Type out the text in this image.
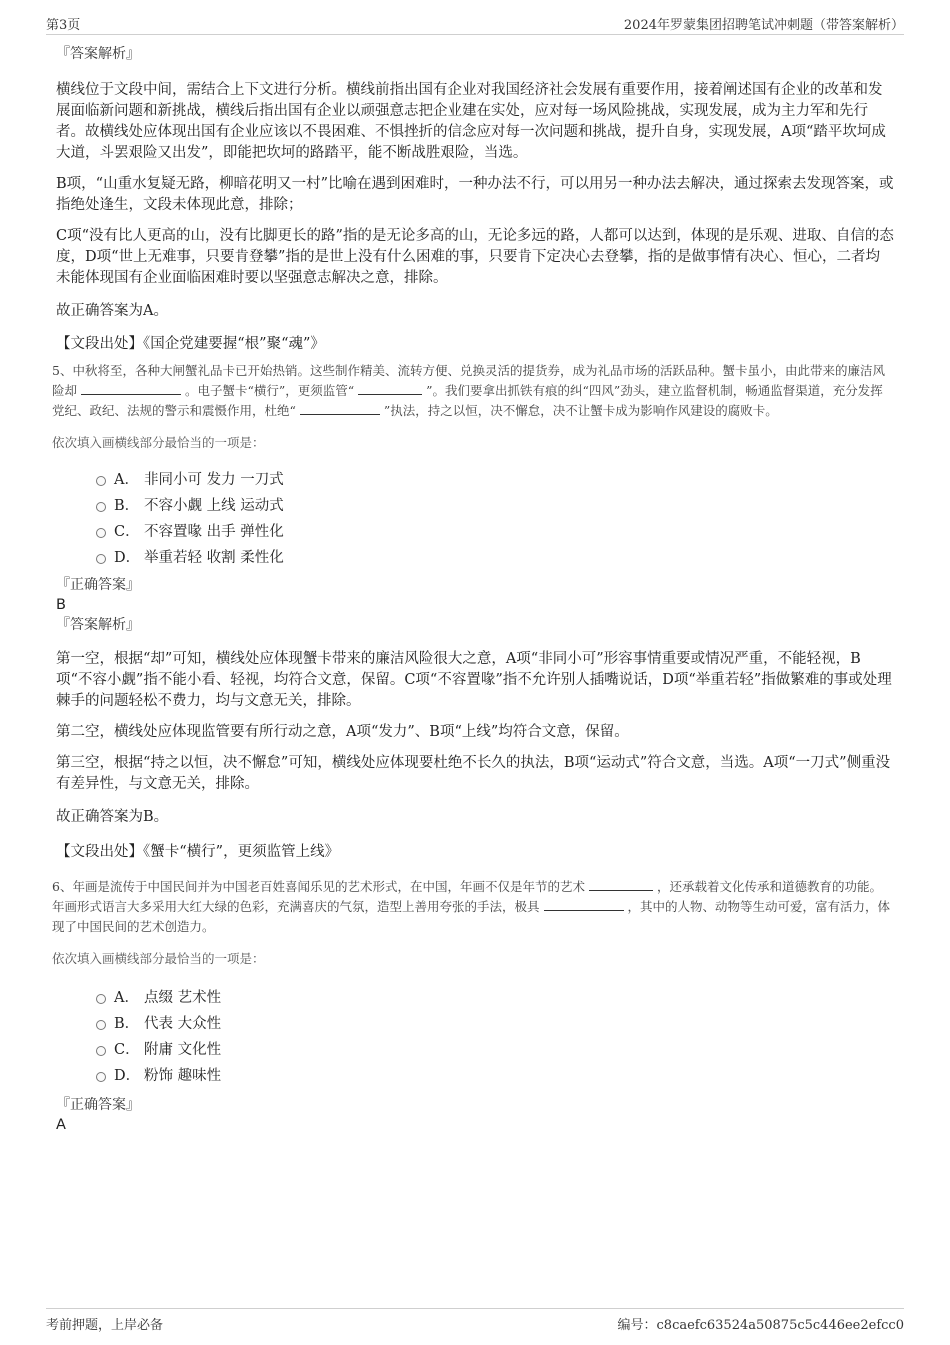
第3页	2024年罗蒙集团招聘笔试冲刺题（带答案解析）

『答案解析』

横线位于文段中间，需结合上下文进行分析。横线前指出国有企业对我国经济社会发展有重要作用，接着阐述国有企业的改革和发展面临新问题和新挑战，横线后指出国有企业以顽强意志把企业建在实处，应对每一场风险挑战，实现发展，成为主力军和先行者。故横线处应体现出国有企业应该以不畏困难、不惧挫折的信念应对每一次问题和挑战，提升自身，实现发展，A项“踏平坎坷成大道，斗罢艰险又出发”，即能把坎坷的路踏平，能不断战胜艰险，当选。

B项，“山重水复疑无路，柳暗花明又一村”比喻在遇到困难时，一种办法不行，可以用另一种办法去解决，通过探索去发现答案，或指绝处逢生，文段未体现此意，排除；

C项“没有比人更高的山，没有比脚更长的路”指的是无论多高的山，无论多远的路，人都可以达到，体现的是乐观、进取、自信的态度，D项“世上无难事，只要肯登攀”指的是世上没有什么困难的事，只要肯下定决心去登攀，指的是做事情有决心、恒心，二者均未能体现国有企业面临困难时要以坚强意志解决之意，排除。

故正确答案为A。

【文段出处】《国企党建要握“根”聚“魂”》

5、中秋将至，各种大闸蟹礼品卡已开始热销。这些制作精美、流转方便、兑换灵活的提货券，成为礼品市场的活跃品种。蟹卡虽小，由此带来的廉洁风险却	。电子蟹卡“横行”，更须监管“	”。我们要拿出抓铁有痕的纠“四风”劲头，建立监督机制，畅通监督渠道，充分发挥党纪、政纪、法规的警示和震慑作用，杜绝“	”执法，持之以恒，决不懈怠，决不让蟹卡成为影响作风建设的腐败卡。

依次填入画横线部分最恰当的一项是：

A． 非同小可 发力 一刀式
B． 不容小觑 上线 运动式
C． 不容置喙 出手 弹性化
D． 举重若轻 收割 柔性化

『正确答案』

B

『答案解析』

第一空，根据“却”可知，横线处应体现蟹卡带来的廉洁风险很大之意，A项“非同小可”形容事情重要或情况严重，不能轻视，B项“不容小觑”指不能小看、轻视，均符合文意，保留。C项“不容置喙”指不允许别人插嘴说话，D项“举重若轻”指做繁难的事或处理棘手的问题轻松不费力，均与文意无关，排除。

第二空，横线处应体现监管要有所行动之意，A项“发力”、B项“上线”均符合文意，保留。

第三空，根据“持之以恒，决不懈怠”可知，横线处应体现要杜绝不长久的执法，B项“运动式”符合文意，当选。A项“一刀式”侧重没有差异性，与文意无关，排除。

故正确答案为B。

【文段出处】《蟹卡“横行”，更须监管上线》

6、年画是流传于中国民间并为中国老百姓喜闻乐见的艺术形式，在中国，年画不仅是年节的艺术	，还承载着文化传承和道德教育的功能。年画形式语言大多采用大红大绿的色彩，充满喜庆的气氛，造型上善用夸张的手法，极具	，其中的人物、动物等生动可爱，富有活力，体现了中国民间的艺术创造力。

依次填入画横线部分最恰当的一项是：

A． 点缀 艺术性
B． 代表 大众性
C． 附庸 文化性
D． 粉饰 趣味性

『正确答案』

A

考前押题，上岸必备	编号：c8caefc63524a50875c5c446ee2efcc0
